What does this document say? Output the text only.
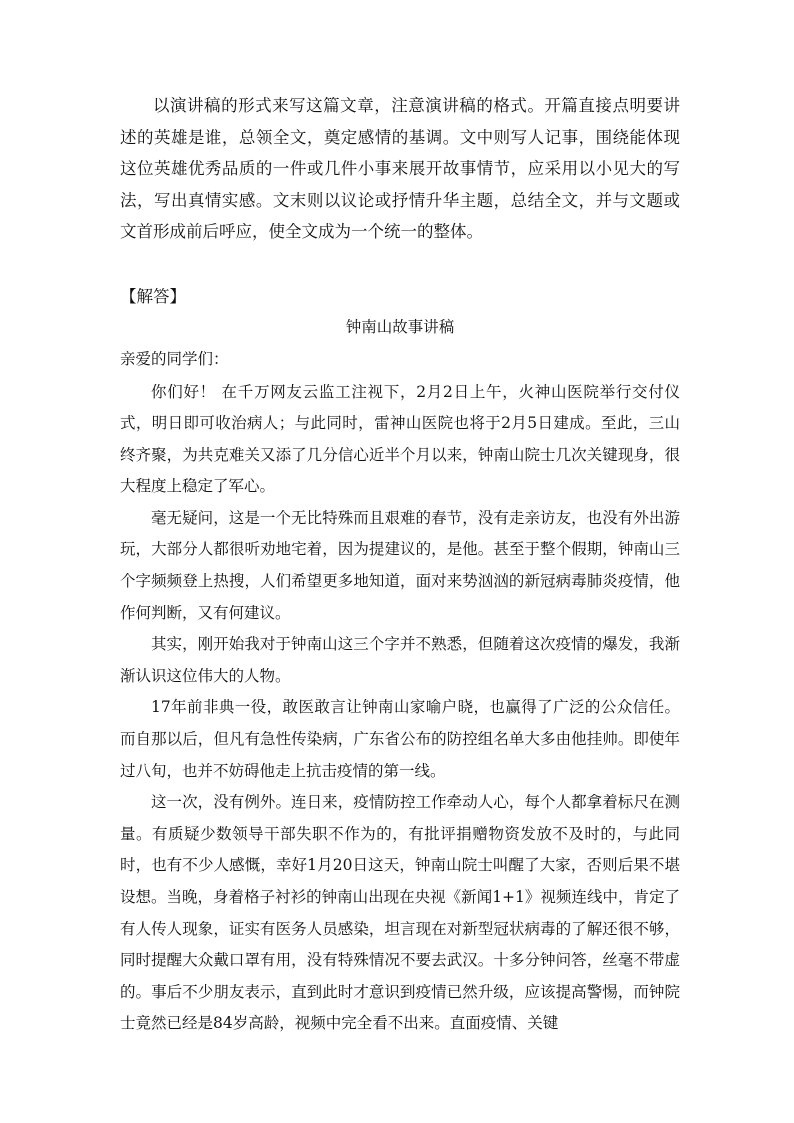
以演讲稿的形式来写这篇文章，注意演讲稿的格式。开篇直接点明要讲述的英雄是谁，总领全文，奠定感情的基调。文中则写人记事，围绕能体现这位英雄优秀品质的一件或几件小事来展开故事情节，应采用以小见大的写法，写出真情实感。文末则以议论或抒情升华主题，总结全文，并与文题或文首形成前后呼应，使全文成为一个统一的整体。

【解答】
钟南山故事讲稿
亲爱的同学们：

你们好！ 在千万网友云监工注视下，2月2日上午，火神山医院举行交付仪式，明日即可收治病人；与此同时，雷神山医院也将于2月5日建成。至此，三山终齐聚，为共克难关又添了几分信心近半个月以来，钟南山院士几次关键现身，很大程度上稳定了军心。

毫无疑问，这是一个无比特殊而且艰难的春节，没有走亲访友，也没有外出游玩，大部分人都很听劝地宅着，因为提建议的，是他。甚至于整个假期，钟南山三个字频频登上热搜，人们希望更多地知道，面对来势汹汹的新冠病毒肺炎疫情，他作何判断，又有何建议。

其实，刚开始我对于钟南山这三个字并不熟悉，但随着这次疫情的爆发，我渐渐认识这位伟大的人物。

17年前非典一役，敢医敢言让钟南山家喻户晓，也赢得了广泛的公众信任。而自那以后，但凡有急性传染病，广东省公布的防控组名单大多由他挂帅。即使年过八旬，也并不妨碍他走上抗击疫情的第一线。

这一次，没有例外。连日来，疫情防控工作牵动人心，每个人都拿着标尺在测量。有质疑少数领导干部失职不作为的，有批评捐赠物资发放不及时的，与此同时，也有不少人感慨，幸好1月20日这天，钟南山院士叫醒了大家，否则后果不堪设想。当晚，身着格子衬衫的钟南山出现在央视《新闻1+1》视频连线中，肯定了有人传人现象，证实有医务人员感染，坦言现在对新型冠状病毒的了解还很不够，同时提醒大众戴口罩有用，没有特殊情况不要去武汉。十多分钟问答，丝毫不带虚的。事后不少朋友表示，直到此时才意识到疫情已然升级，应该提高警惕，而钟院士竟然已经是84岁高龄，视频中完全看不出来。直面疫情、关键
